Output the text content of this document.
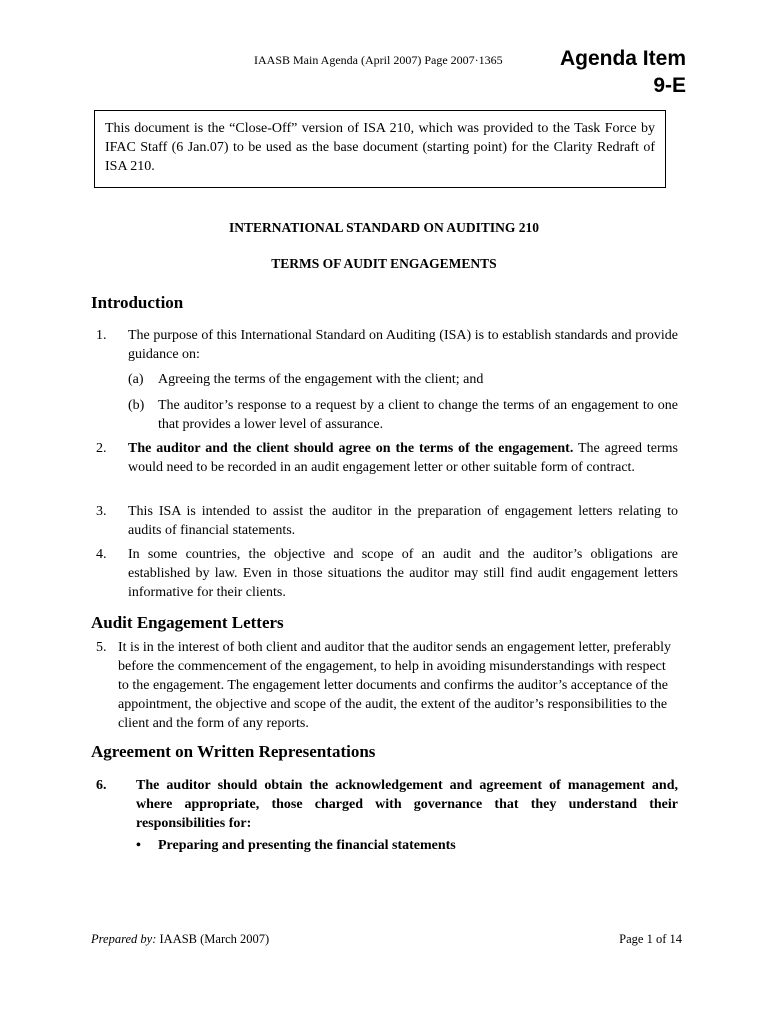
IAASB Main Agenda (April 2007) Page 2007·1365	Agenda Item
9-E
This document is the “Close-Off” version of ISA 210, which was provided to the Task Force by IFAC Staff (6 Jan.07) to be used as the base document (starting point) for the Clarity Redraft of ISA 210.
INTERNATIONAL STANDARD ON AUDITING 210
TERMS OF AUDIT ENGAGEMENTS
Introduction
1. The purpose of this International Standard on Auditing (ISA) is to establish standards and provide guidance on:
(a) Agreeing the terms of the engagement with the client; and
(b) The auditor’s response to a request by a client to change the terms of an engagement to one that provides a lower level of assurance.
2. The auditor and the client should agree on the terms of the engagement. The agreed terms would need to be recorded in an audit engagement letter or other suitable form of contract.
3. This ISA is intended to assist the auditor in the preparation of engagement letters relating to audits of financial statements.
4. In some countries, the objective and scope of an audit and the auditor’s obligations are established by law. Even in those situations the auditor may still find audit engagement letters informative for their clients.
Audit Engagement Letters
5. It is in the interest of both client and auditor that the auditor sends an engagement letter, preferably before the commencement of the engagement, to help in avoiding misunderstandings with respect to the engagement. The engagement letter documents and confirms the auditor’s acceptance of the appointment, the objective and scope of the audit, the extent of the auditor’s responsibilities to the client and the form of any reports.
Agreement on Written Representations
6. The auditor should obtain the acknowledgement and agreement of management and, where appropriate, those charged with governance that they understand their responsibilities for:
• Preparing and presenting the financial statements
Prepared by: IAASB (March 2007)	Page 1 of 14
